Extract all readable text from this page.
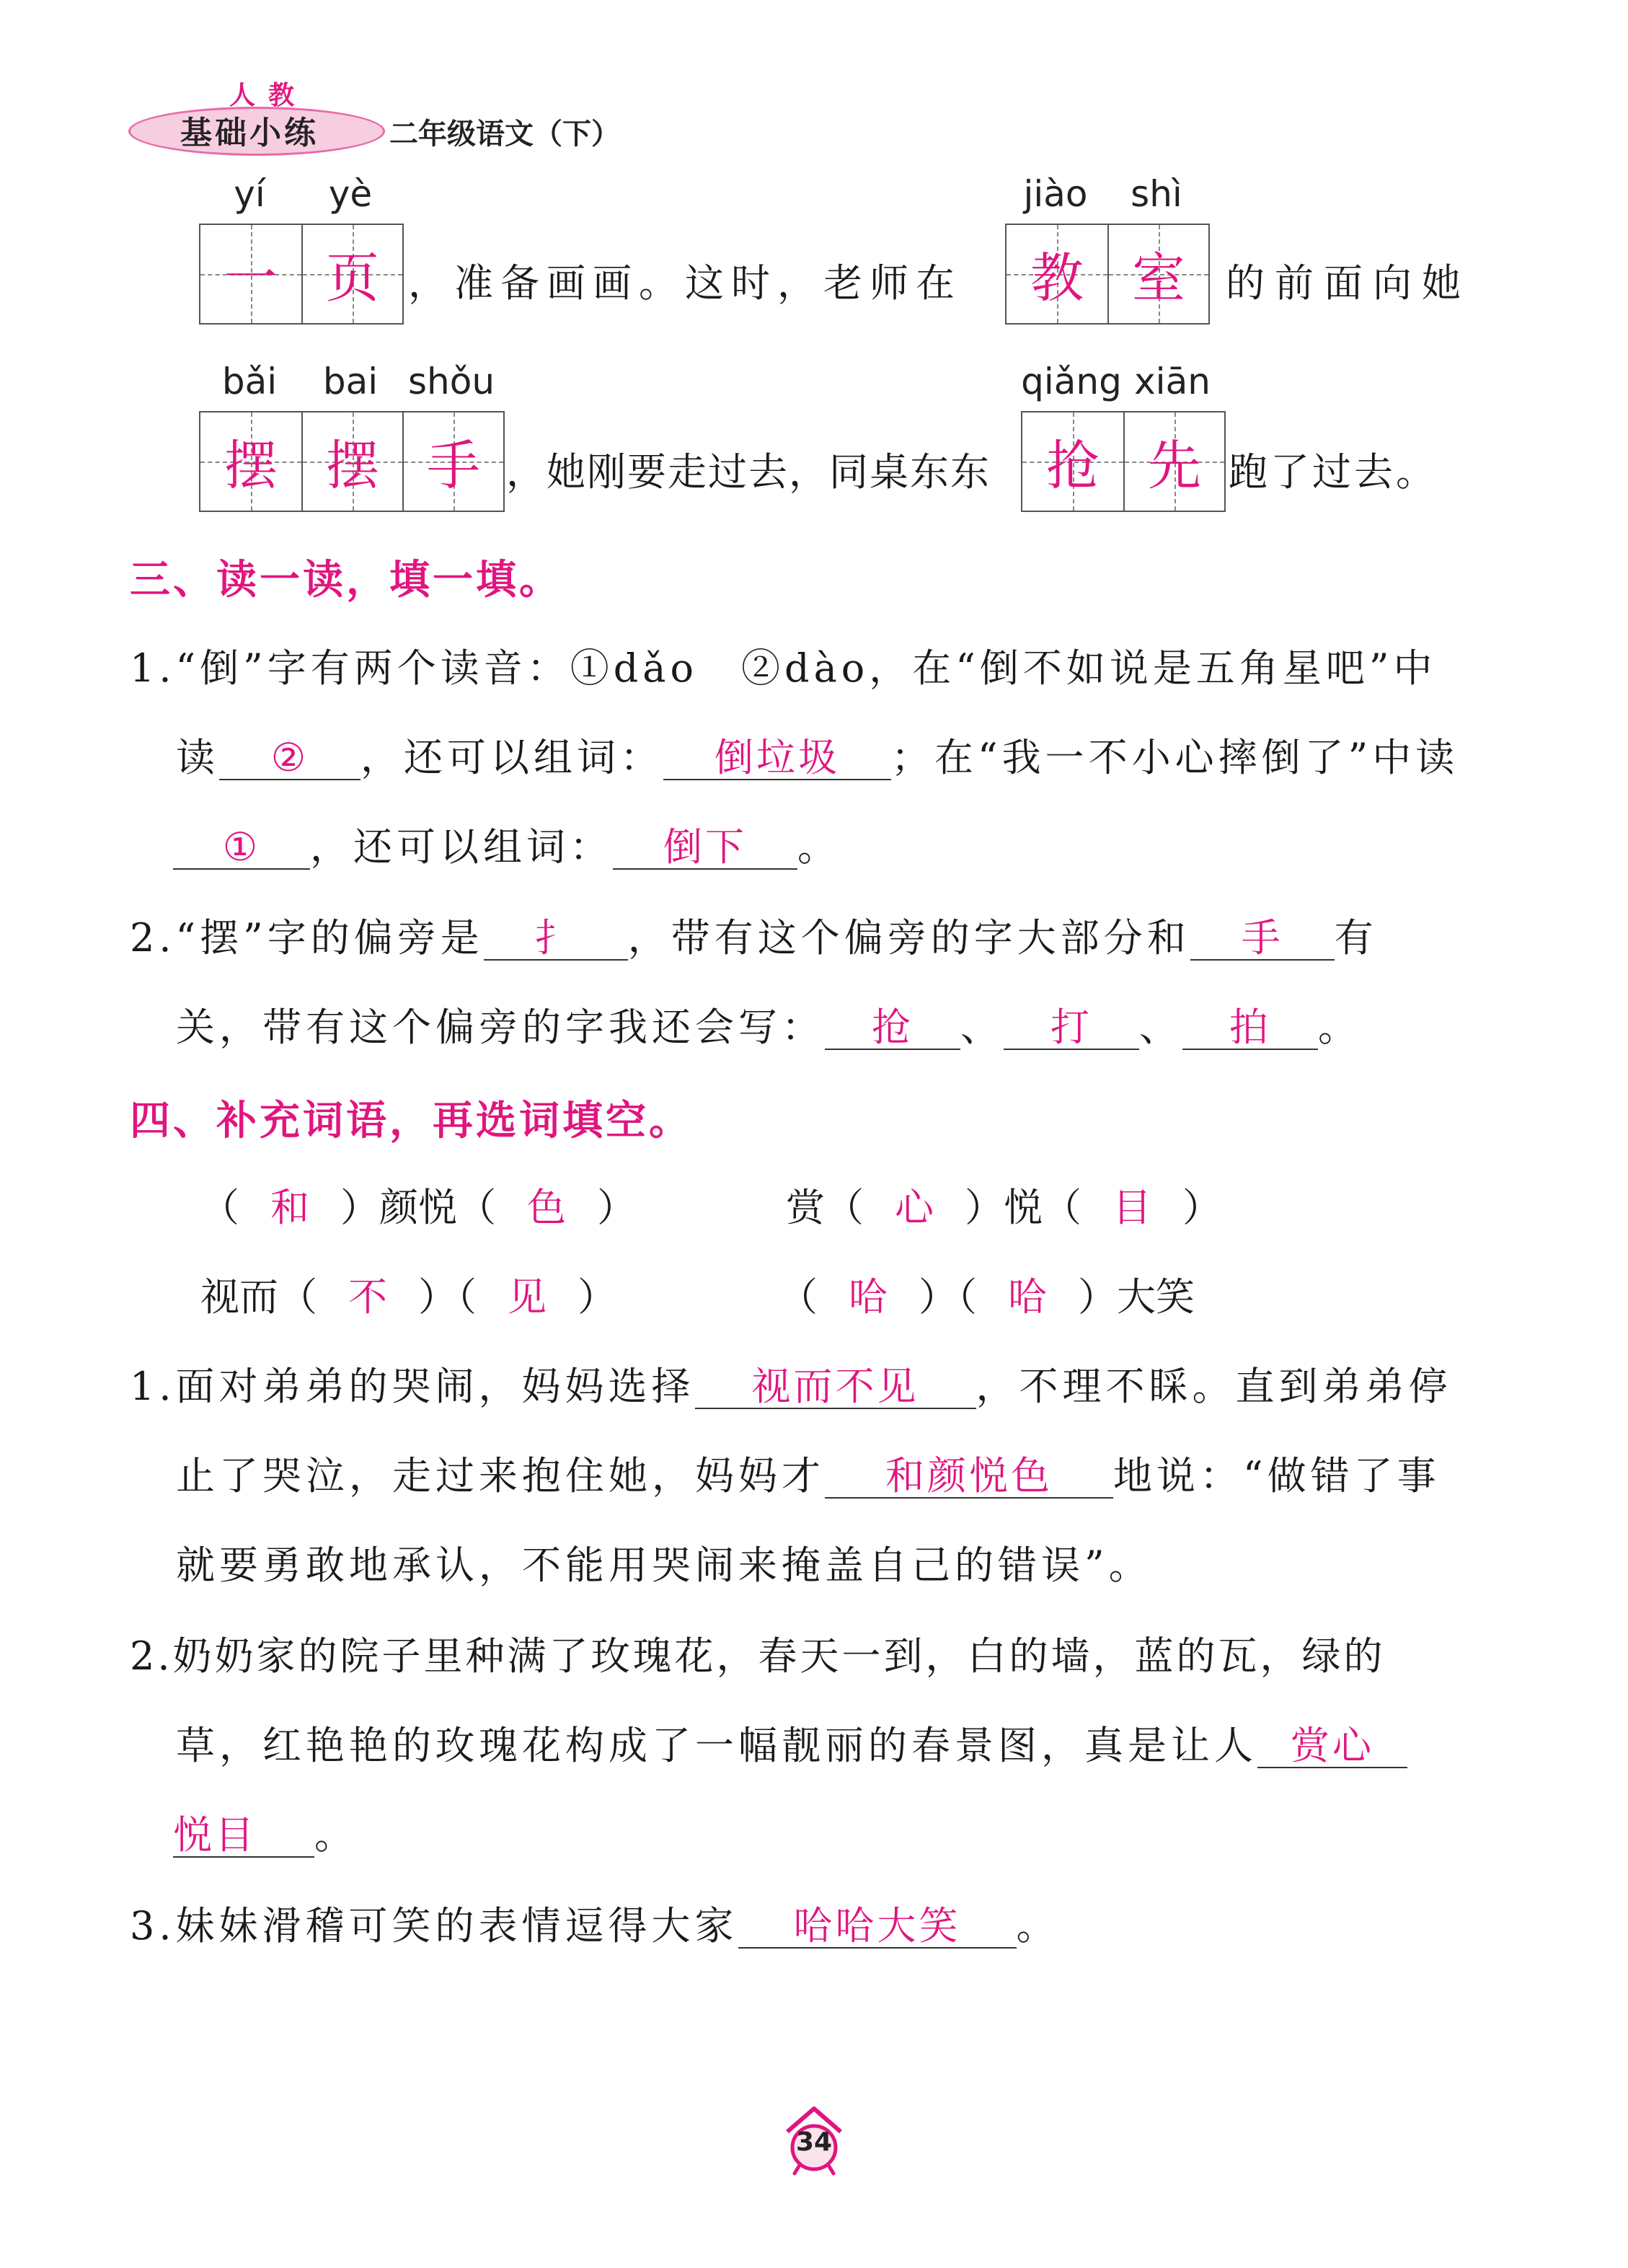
人教
基础小练 二年级语文（下）
yí	yè
一 页 ，准备画画。这时，老师在
jiào	shì
教 室 的前面向她
bǎi	bai shǒu
摆 摆 手 ，她刚要走过去，同桌东东
qiǎng xiān
抢 先 跑了过去。
三、读一读，填一填。
1.“倒”字有两个读音：①dǎo　②dào，在“倒不如说是五角星吧”中
读 ② ，还可以组词： 倒垃圾 ；在“我一不小心摔倒了”中读
① ，还可以组词： 倒下 。
2.“摆”字的偏旁是 扌 ，带有这个偏旁的字大部分和 手 有
关，带有这个偏旁的字我还会写： 抢 、 打 、 拍 。
四、补充词语，再选词填空。
（ 和 ）颜悦（ 色 ）	赏（ 心 ）悦（ 目 ）
视而（ 不 ）（ 见 ）	（ 哈 ）（ 哈 ）大笑
1.面对弟弟的哭闹，妈妈选择 视而不见 ，不理不睬。直到弟弟停
止了哭泣，走过来抱住她，妈妈才 和颜悦色 地说：“做错了事
就要勇敢地承认，不能用哭闹来掩盖自己的错误”。
2.奶奶家的院子里种满了玫瑰花，春天一到，白的墙，蓝的瓦，绿的
草，红艳艳的玫瑰花构成了一幅靓丽的春景图，真是让人 赏心
悦目 。
3.妹妹滑稽可笑的表情逗得大家 哈哈大笑 。
34
